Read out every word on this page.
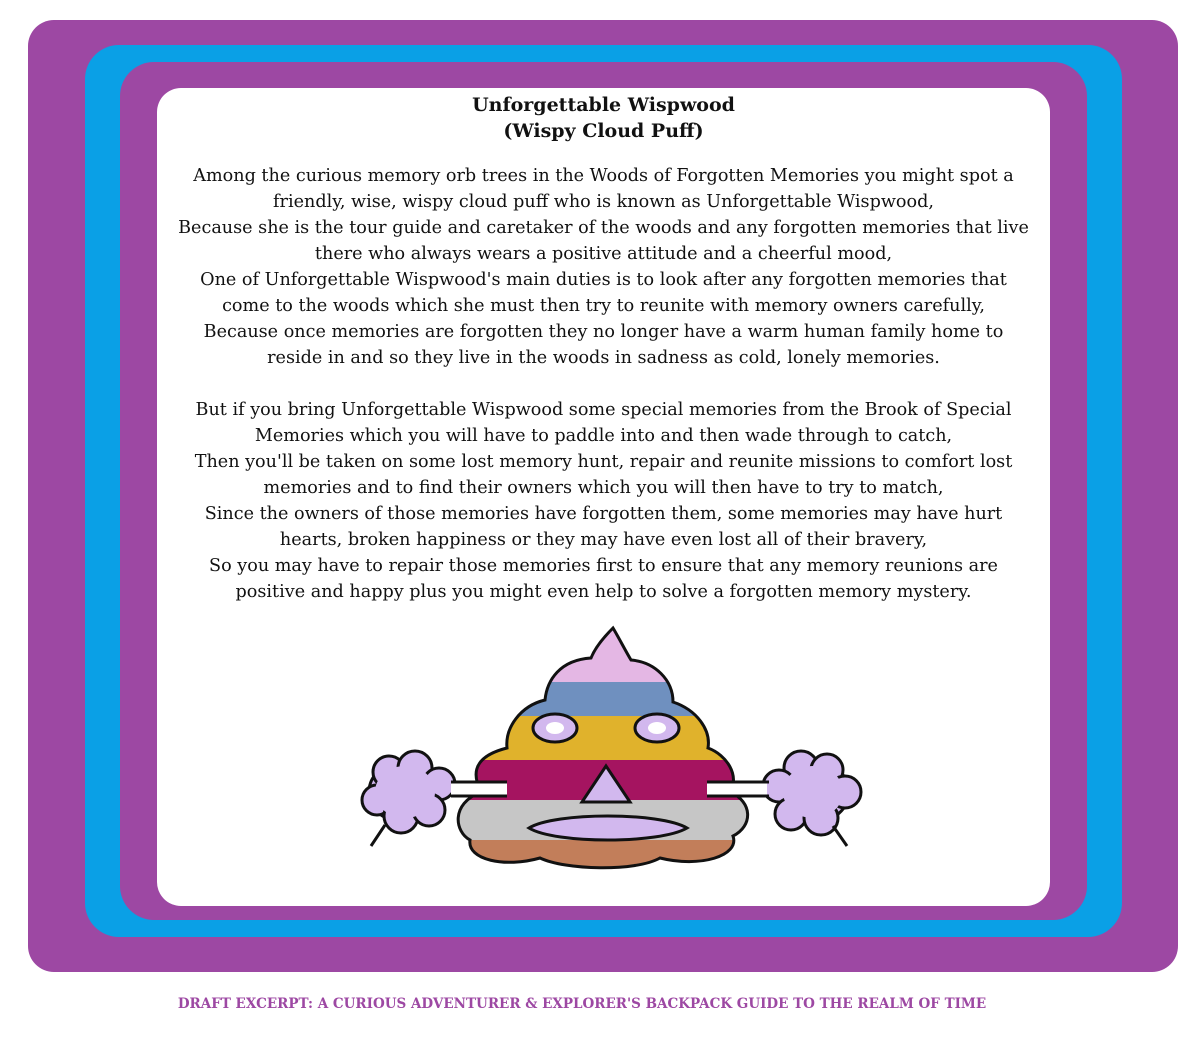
Unforgettable Wispwood
(Wispy Cloud Puff)

Among the curious memory orb trees in the Woods of Forgotten Memories you might spot a friendly, wise, wispy cloud puff who is known as Unforgettable Wispwood,

Because she is the tour guide and caretaker of the woods and any forgotten memories that live there who always wears a positive attitude and a cheerful mood,

One of Unforgettable Wispwood's main duties is to look after any forgotten memories that come to the woods which she must then try to reunite with memory owners carefully,

Because once memories are forgotten they no longer have a warm human family home to reside in and so they live in the woods in sadness as cold, lonely memories.

But if you bring Unforgettable Wispwood some special memories from the Brook of Special Memories which you will have to paddle into and then wade through to catch,

Then you'll be taken on some lost memory hunt, repair and reunite missions to comfort lost memories and to find their owners which you will then have to try to match,

Since the owners of those memories have forgotten them, some memories may have hurt hearts, broken happiness or they may have even lost all of their bravery,

So you may have to repair those memories first to ensure that any memory reunions are positive and happy plus you might even help to solve a forgotten memory mystery.

DRAFT EXCERPT: A CURIOUS ADVENTURER & EXPLORER'S BACKPACK GUIDE TO THE REALM OF TIME
